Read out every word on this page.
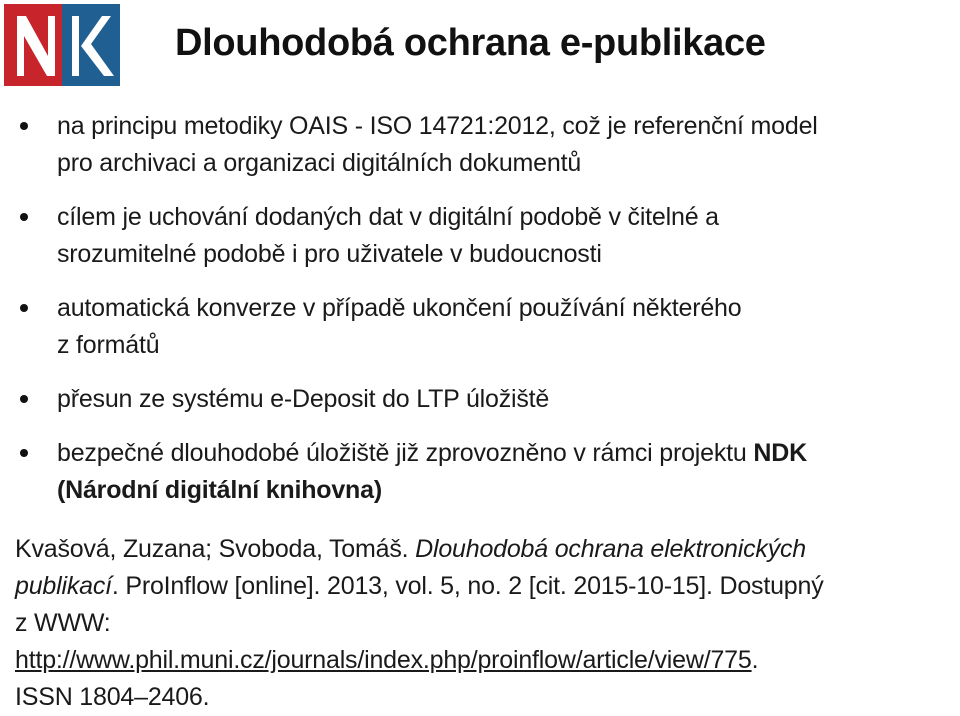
Dlouhodobá ochrana e-publikace
na principu metodiky OAIS - ISO 14721:2012, což je referenční model
pro archivaci a organizaci digitálních dokumentů
cílem je uchování dodaných dat v digitální podobě v čitelné a
srozumitelné podobě i pro uživatele v budoucnosti
automatická konverze v případě ukončení používání některého
z formátů
přesun ze systému e-Deposit do LTP úložiště
bezpečné dlouhodobé úložiště již zprovozněno v rámci projektu NDK
(Národní digitální knihovna)
Kvašová, Zuzana; Svoboda, Tomáš. Dlouhodobá ochrana elektronických
publikací. ProInflow [online]. 2013, vol. 5, no. 2 [cit. 2015-10-15]. Dostupný
z WWW:
http://www.phil.muni.cz/journals/index.php/proinflow/article/view/775.
ISSN 1804–2406.
